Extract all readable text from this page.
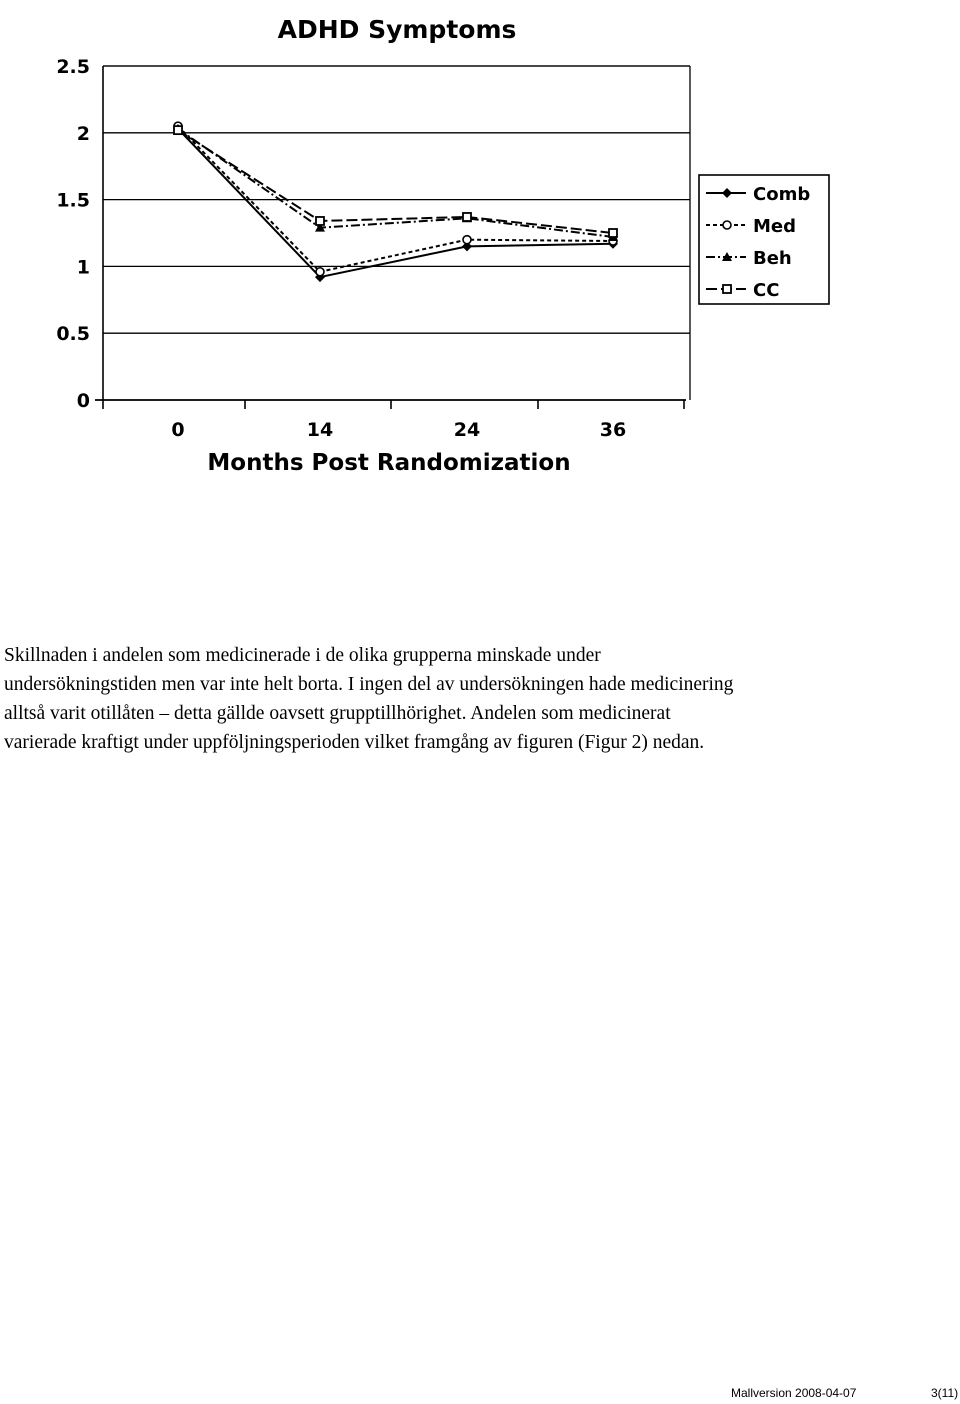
ADHD Symptoms
0
0.5
1
1.5
2
2.5
0	14	24	36
Months Post Randomization
Comb
Med
Beh
CC
Skillnaden i andelen som medicinerade i de olika grupperna minskade under
undersökningstiden men var inte helt borta. I ingen del av undersökningen hade medicinering
alltså varit otillåten – detta gällde oavsett grupptillhörighet. Andelen som medicinerat
varierade kraftigt under uppföljningsperioden vilket framgång av figuren (Figur 2) nedan.
Mallversion 2008-04-07	3(11)
